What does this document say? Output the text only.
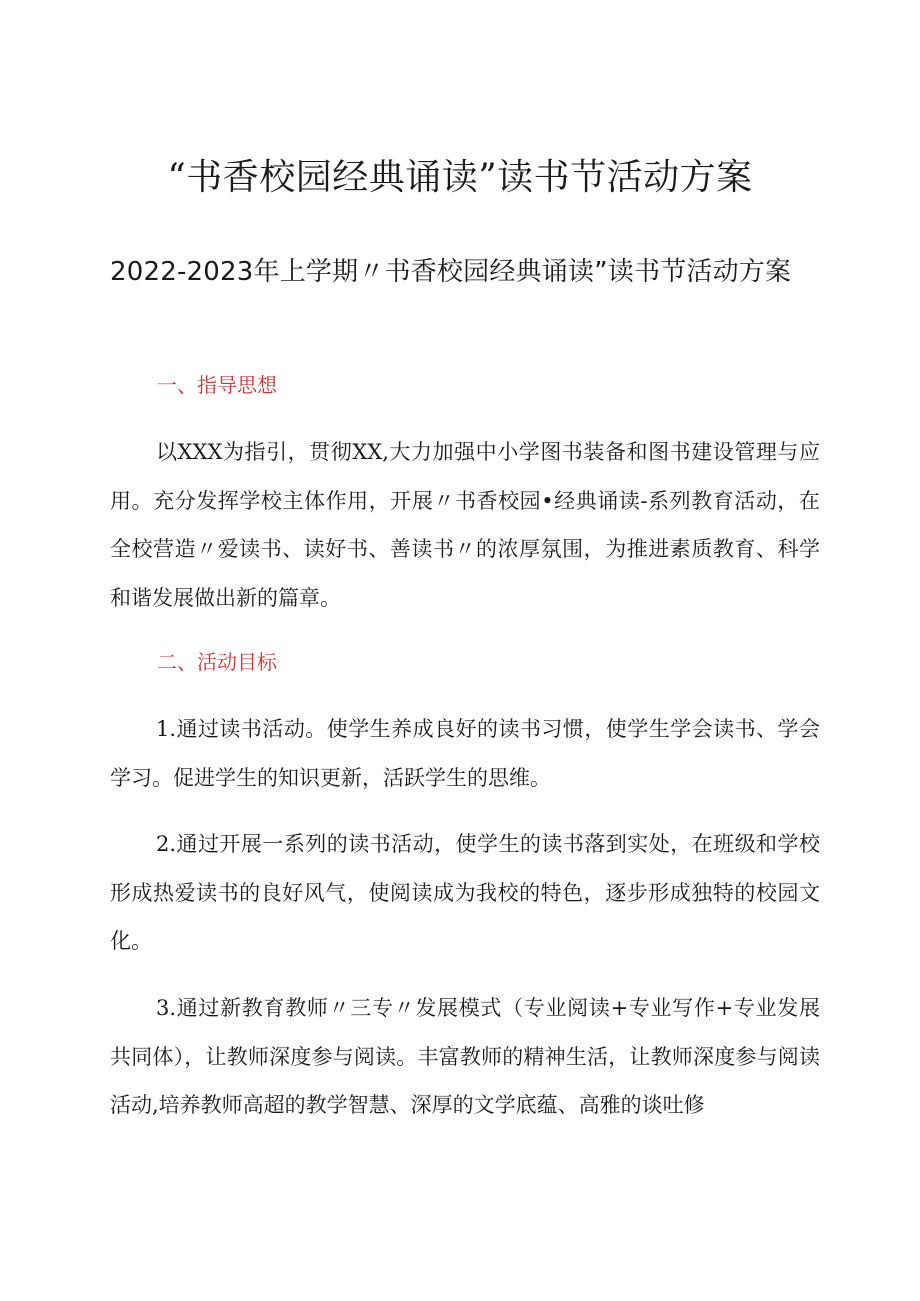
“书香校园经典诵读”读书节活动方案
2022-2023年上学期〃书香校园经典诵读”读书节活动方案
一、指导思想
以XXX为指引，贯彻XX,大力加强中小学图书装备和图书建设管理与应用。充分发挥学校主体作用，开展〃书香校园•经典诵读-系列教育活动，在全校营造〃爱读书、读好书、善读书〃的浓厚氛围，为推进素质教育、科学和谐发展做出新的篇章。
二、活动目标
1.通过读书活动。使学生养成良好的读书习惯，使学生学会读书、学会学习。促进学生的知识更新，活跃学生的思维。
2.通过开展一系列的读书活动，使学生的读书落到实处，在班级和学校形成热爱读书的良好风气，使阅读成为我校的特色，逐步形成独特的校园文化。
3.通过新教育教师〃三专〃发展模式（专业阅读+专业写作+专业发展共同体），让教师深度参与阅读。丰富教师的精神生活，让教师深度参与阅读活动,培养教师高超的教学智慧、深厚的文学底蕴、高雅的谈吐修
